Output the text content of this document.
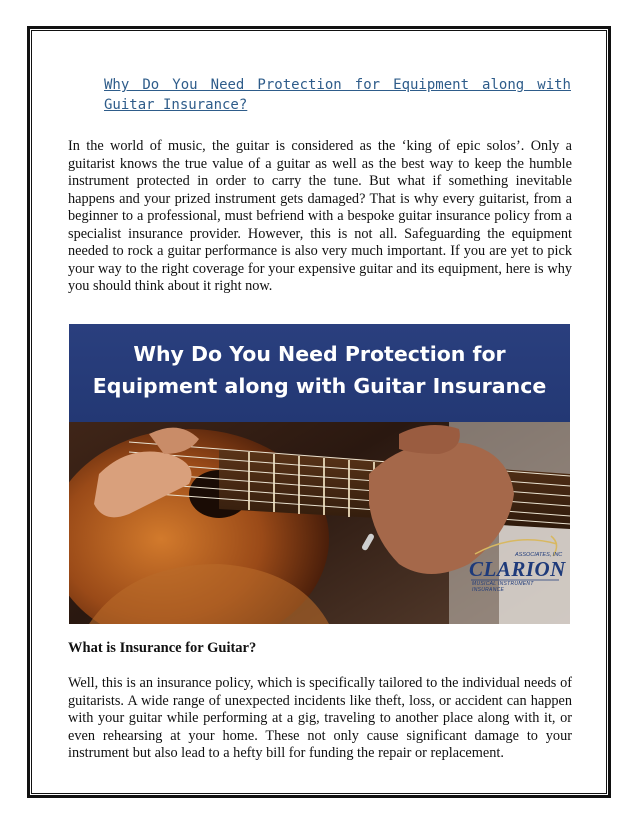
Why Do You Need Protection for Equipment along with Guitar Insurance?

In the world of music, the guitar is considered as the ‘king of epic solos’. Only a guitarist knows the true value of a guitar as well as the best way to keep the humble instrument protected in order to carry the tune. But what if something inevitable happens and your prized instrument gets damaged? That is why every guitarist, from a beginner to a professional, must befriend with a bespoke guitar insurance policy from a specialist insurance provider. However, this is not all. Safeguarding the equipment needed to rock a guitar performance is also very much important. If you are yet to pick your way to the right coverage for your expensive guitar and its equipment, here is why you should think about it right now.

Why Do You Need Protection for

Equipment along with Guitar Insurance

ASSOCIATES, INC
CLARION
MUSICAL INSTRUMENT INSURANCE
What is Insurance for Guitar?

Well, this is an insurance policy, which is specifically tailored to the individual needs of guitarists. A wide range of unexpected incidents like theft, loss, or accident can happen with your guitar while performing at a gig, traveling to another place along with it, or even rehearsing at your home. These not only cause significant damage to your instrument but also lead to a hefty bill for funding the repair or replacement.
